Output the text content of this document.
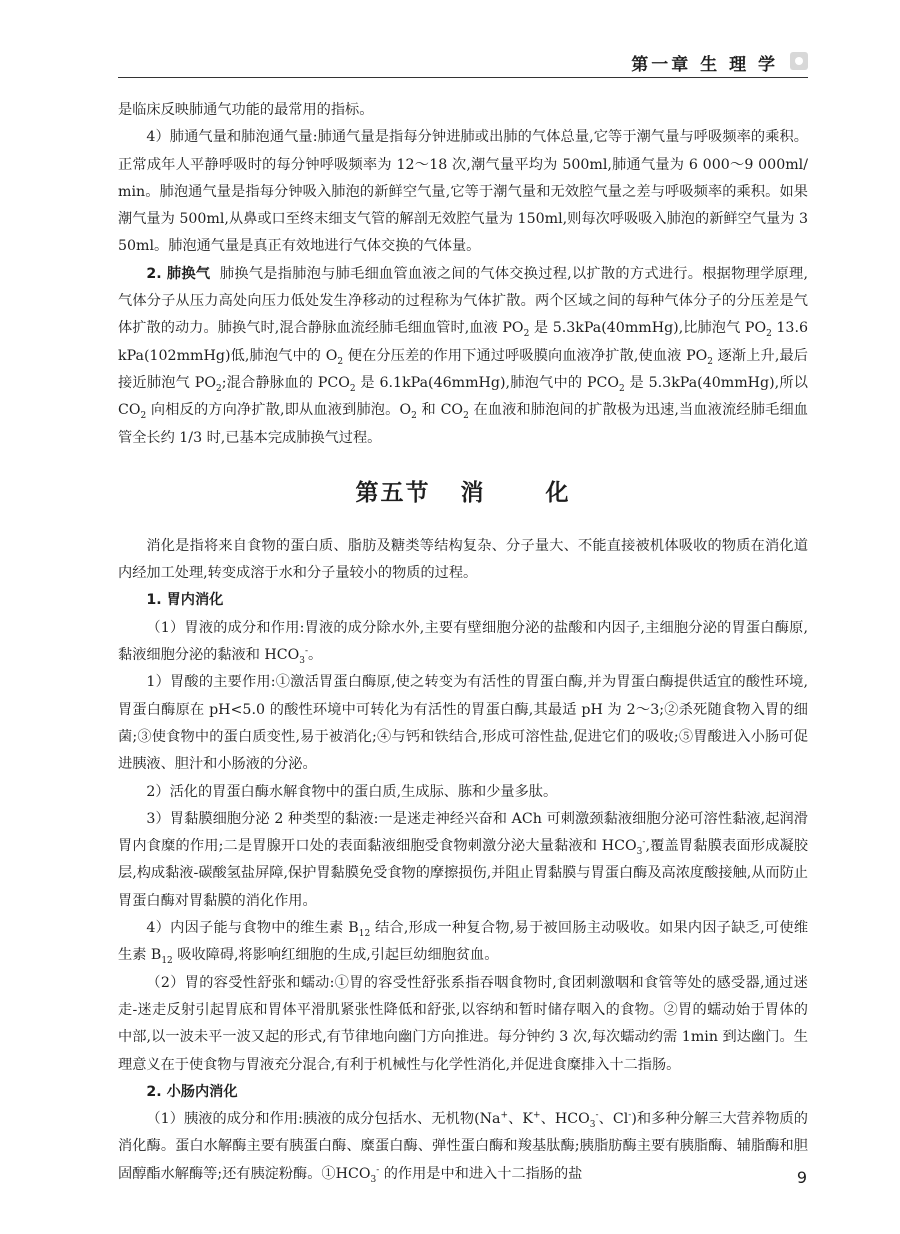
第一章 生 理 学

是临床反映肺通气功能的最常用的指标。

4）肺通气量和肺泡通气量:肺通气量是指每分钟进肺或出肺的气体总量,它等于潮气量与呼吸频率的乘积。正常成年人平静呼吸时的每分钟呼吸频率为 12～18 次,潮气量平均为 500ml,肺通气量为 6 000～9 000ml/min。肺泡通气量是指每分钟吸入肺泡的新鲜空气量,它等于潮气量和无效腔气量之差与呼吸频率的乘积。如果潮气量为 500ml,从鼻或口至终末细支气管的解剖无效腔气量为 150ml,则每次呼吸吸入肺泡的新鲜空气量为 350ml。肺泡通气量是真正有效地进行气体交换的气体量。

2. 肺换气 肺换气是指肺泡与肺毛细血管血液之间的气体交换过程,以扩散的方式进行。根据物理学原理,气体分子从压力高处向压力低处发生净移动的过程称为气体扩散。两个区域之间的每种气体分子的分压差是气体扩散的动力。肺换气时,混合静脉血流经肺毛细血管时,血液 $PO_2$ 是 5.3kPa(40mmHg),比肺泡气 $PO_2$ 13.6kPa(102mmHg)低,肺泡气中的 $O_2$ 便在分压差的作用下通过呼吸膜向血液净扩散,使血液 $PO_2$ 逐渐上升,最后接近肺泡气 $PO_2$;混合静脉血的 $PCO_2$ 是 6.1kPa(46mmHg),肺泡气中的 $PCO_2$ 是 5.3kPa(40mmHg),所以 $CO_2$ 向相反的方向净扩散,即从血液到肺泡。$O_2$ 和 $CO_2$ 在血液和肺泡间的扩散极为迅速,当血液流经肺毛细血管全长约 1/3 时,已基本完成肺换气过程。

第五节 消	化

消化是指将来自食物的蛋白质、脂肪及糖类等结构复杂、分子量大、不能直接被机体吸收的物质在消化道内经加工处理,转变成溶于水和分子量较小的物质的过程。

1. 胃内消化

（1）胃液的成分和作用:胃液的成分除水外,主要有壁细胞分泌的盐酸和内因子,主细胞分泌的胃蛋白酶原,黏液细胞分泌的黏液和 $HCO_3^-$。

1）胃酸的主要作用:①激活胃蛋白酶原,使之转变为有活性的胃蛋白酶,并为胃蛋白酶提供适宜的酸性环境,胃蛋白酶原在 pH<5.0 的酸性环境中可转化为有活性的胃蛋白酶,其最适 pH 为 2～3;②杀死随食物入胃的细菌;③使食物中的蛋白质变性,易于被消化;④与钙和铁结合,形成可溶性盐,促进它们的吸收;⑤胃酸进入小肠可促进胰液、胆汁和小肠液的分泌。

2）活化的胃蛋白酶水解食物中的蛋白质,生成䏡、胨和少量多肽。

3）胃黏膜细胞分泌 2 种类型的黏液:一是迷走神经兴奋和 ACh 可刺激颈黏液细胞分泌可溶性黏液,起润滑胃内食糜的作用;二是胃腺开口处的表面黏液细胞受食物刺激分泌大量黏液和 $HCO_3^-$,覆盖胃黏膜表面形成凝胶层,构成黏液-碳酸氢盐屏障,保护胃黏膜免受食物的摩擦损伤,并阻止胃黏膜与胃蛋白酶及高浓度酸接触,从而防止胃蛋白酶对胃黏膜的消化作用。

4）内因子能与食物中的维生素 $B_{12}$ 结合,形成一种复合物,易于被回肠主动吸收。如果内因子缺乏,可使维生素 $B_{12}$ 吸收障碍,将影响红细胞的生成,引起巨幼细胞贫血。

（2）胃的容受性舒张和蠕动:①胃的容受性舒张系指吞咽食物时,食团刺激咽和食管等处的感受器,通过迷走-迷走反射引起胃底和胃体平滑肌紧张性降低和舒张,以容纳和暂时储存咽入的食物。②胃的蠕动始于胃体的中部,以一波未平一波又起的形式,有节律地向幽门方向推进。每分钟约 3 次,每次蠕动约需 1min 到达幽门。生理意义在于使食物与胃液充分混合,有利于机械性与化学性消化,并促进食糜排入十二指肠。

2. 小肠内消化

（1）胰液的成分和作用:胰液的成分包括水、无机物(Na+、K+、$HCO_3^-$、Cl-)和多种分解三大营养物质的消化酶。蛋白水解酶主要有胰蛋白酶、糜蛋白酶、弹性蛋白酶和羧基肽酶;胰脂肪酶主要有胰脂酶、辅脂酶和胆固醇酯水解酶等;还有胰淀粉酶。$①HCO_3^-$ 的作用是中和进入十二指肠的盐	9
